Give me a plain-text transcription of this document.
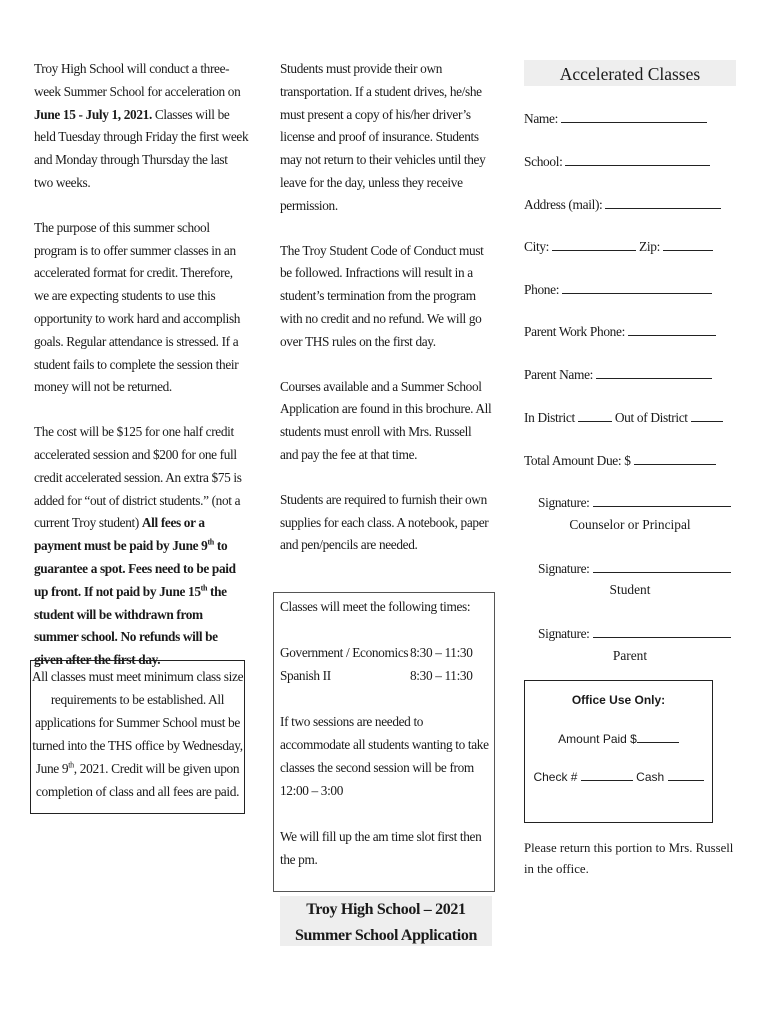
Troy High School will conduct a three-week Summer School for acceleration on June 15 - July 1, 2021. Classes will be held Tuesday through Friday the first week and Monday through Thursday the last two weeks.

The purpose of this summer school program is to offer summer classes in an accelerated format for credit. Therefore, we are expecting students to use this opportunity to work hard and accomplish goals. Regular attendance is stressed. If a student fails to complete the session their money will not be returned.

The cost will be $125 for one half credit accelerated session and $200 for one full credit accelerated session. An extra $75 is added for “out of district students.” (not a current Troy student) All fees or a payment must be paid by June 9th to guarantee a spot. Fees need to be paid up front. If not paid by June 15th the student will be withdrawn from summer school. No refunds will be given after the first day.

All classes must meet minimum class size requirements to be established. All applications for Summer School must be turned into the THS office by Wednesday, June 9th, 2021. Credit will be given upon completion of class and all fees are paid.

Students must provide their own transportation. If a student drives, he/she must present a copy of his/her driver’s license and proof of insurance. Students may not return to their vehicles until they leave for the day, unless they receive permission.

The Troy Student Code of Conduct must be followed. Infractions will result in a student’s termination from the program with no credit and no refund. We will go over THS rules on the first day.

Courses available and a Summer School Application are found in this brochure. All students must enroll with Mrs. Russell and pay the fee at that time.

Students are required to furnish their own supplies for each class. A notebook, paper and pen/pencils are needed.

Classes will meet the following times:

Government / Economics 8:30 – 11:30

Spanish II	8:30 – 11:30

If two sessions are needed to accommodate all students wanting to take classes the second session will be from 12:00 – 3:00

We will fill up the am time slot first then the pm.

Troy High School – 2021

Summer School Application

Accelerated Classes
Name:
School:
Address (mail):
City:	Zip:
Phone:
Parent Work Phone:
Parent Name:
In District	Out of District
Total Amount Due: $
Signature:
Counselor or Principal
Signature:
Student
Signature:
Parent
Office Use Only:
Amount Paid $
Check #	Cash
Please return this portion to Mrs. Russell in the office.
